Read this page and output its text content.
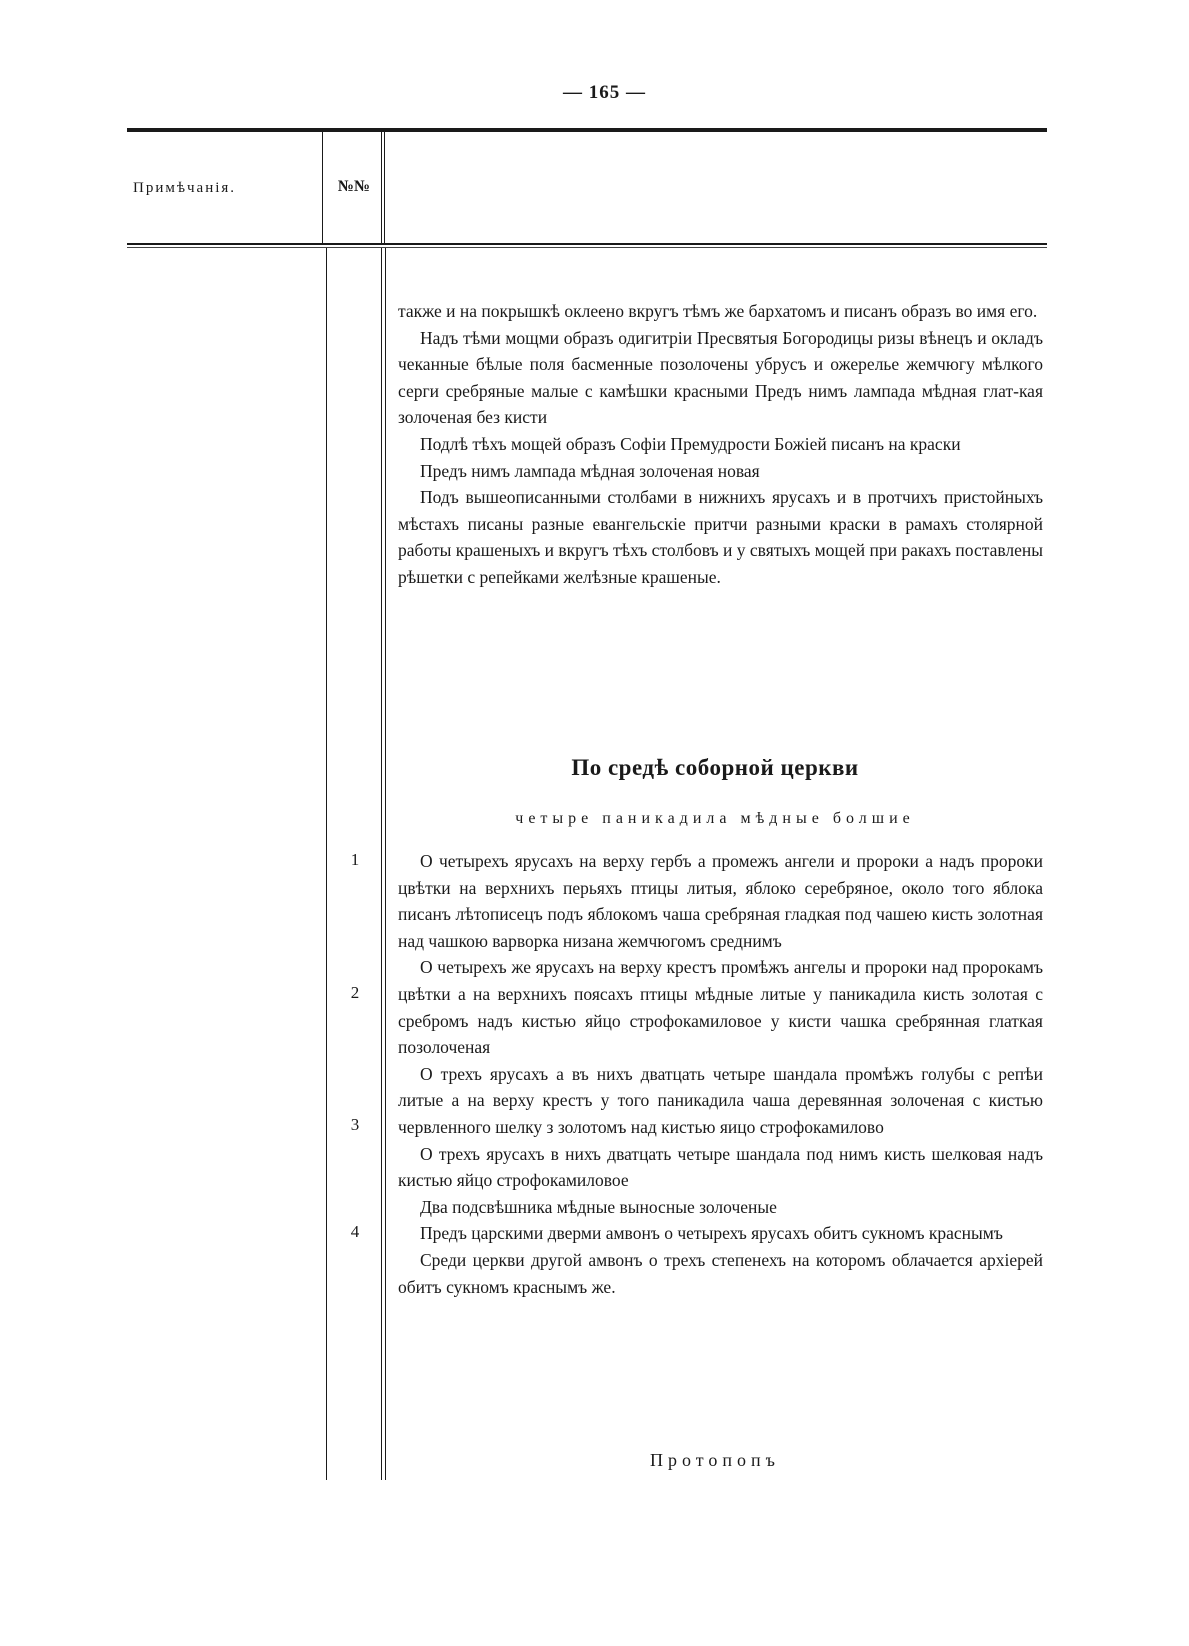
— 165 —
Примѣчанія.	№№

также и на покрышкѣ оклеено вкругъ тѣмъ же бархатомъ и писанъ образъ во имя его.

Надъ тѣми мощми образъ одигитріи Пресвятыя Богородицы ризы вѣнецъ и окладъ чеканные бѣлые поля басменные позолочены убрусъ и ожерелье жемчюгу мѣлкого серги сребряные малые с камѣшки красными Предъ нимъ лампада мѣдная глат-кая золоченая без кисти

Подлѣ тѣхъ мощей образъ Софіи Премудрости Божіей писанъ на краски

Предъ нимъ лампада мѣдная золоченая новая

Подъ вышеописанными столбами в нижнихъ ярусахъ и в протчихъ пристойныхъ мѣстахъ писаны разные евангельскіе притчи разными краски в рамахъ столярной работы крашеныхъ и вкругъ тѣхъ столбовъ и у святыхъ мощей при ракахъ поставлены рѣшетки с репейками желѣзные крашеные.

По средѣ соборной церкви
четыре паникадила мѣдные болшие
1
2
3
4

О четырехъ ярусахъ на верху гербъ а промежъ ангели и пророки а надъ пророки цвѣтки на верхнихъ перьяхъ птицы литыя, яблоко серебряное, около того яблока писанъ лѣтописецъ подъ яблокомъ чаша сребряная гладкая под чашею кисть золотная над чашкою варворка низана жемчюгомъ среднимъ

О четырехъ же ярусахъ на верху крестъ промѣжъ ангелы и пророки над пророкамъ цвѣтки а на верхнихъ поясахъ птицы мѣдные литые у паникадила кисть золотая с сребромъ надъ кистью яйцо строфокамиловое у кисти чашка сребрянная глаткая позолоченая

О трехъ ярусахъ а въ нихъ дватцать четыре шандала промѣжъ голубы с репѣи литые а на верху крестъ у того паникадила чаша деревянная золоченая с кистью червленного шелку з золотомъ над кистью яицо строфокамилово

О трехъ ярусахъ в нихъ дватцать четыре шандала под нимъ кисть шелковая надъ кистью яйцо строфокамиловое

Два подсвѣшника мѣдные выносные золоченые

Предъ царскими дверми амвонъ о четырехъ ярусахъ обитъ сукномъ краснымъ

Среди церкви другой амвонъ о трехъ степенехъ на которомъ облачается архіерей обитъ сукномъ краснымъ же.

Протопопъ
